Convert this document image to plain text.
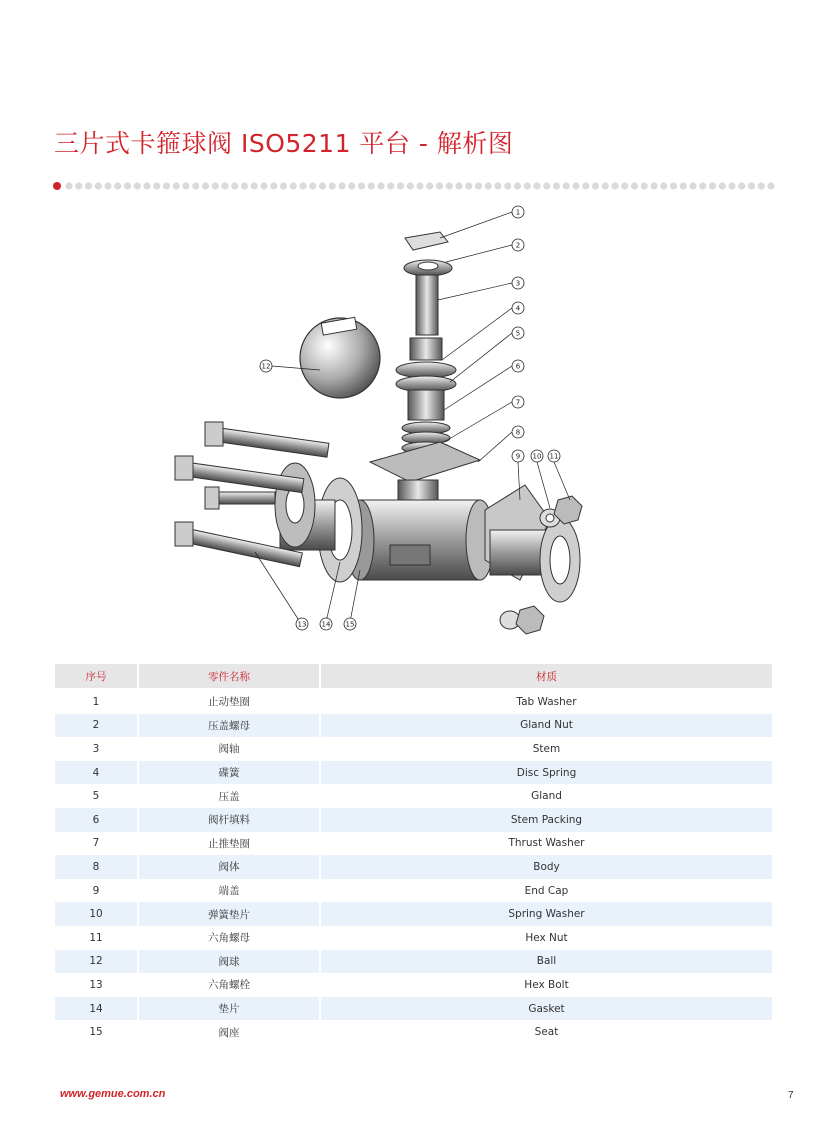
三片式卡箍球阀 ISO5211 平台 - 解析图
1
2
3
4
5
6
7
8
9 10 11
12
13 14 15
序号	零件名称	材质
1	止动垫圈	Tab Washer
2	压盖螺母	Gland Nut
3	阀轴	Stem
4	碟簧	Disc Spring
5	压盖	Gland
6	阀杆填料	Stem Packing
7	止推垫圈	Thrust Washer
8	阀体	Body
9	端盖	End Cap
10	弹簧垫片	Spring Washer
11	六角螺母	Hex Nut
12	阀球	Ball
13	六角螺栓	Hex Bolt
14	垫片	Gasket
15	阀座	Seat
www.gemue.com.cn	7
